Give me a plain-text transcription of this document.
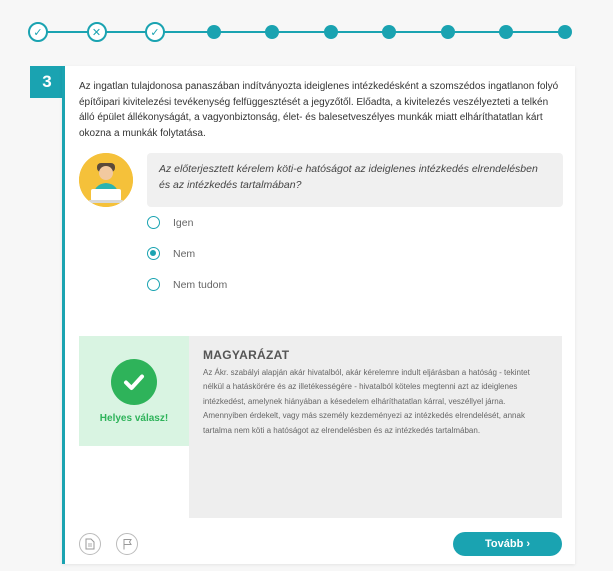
✓	✕	✓
3	Az ingatlan tulajdonosa panaszában indítványozta ideiglenes intézkedésként a szomszédos ingatlanon folyó építőipari kivitelezési tevékenység felfüggesztését a jegyzőtől. Előadta, a kivitelezés veszélyezteti a telkén álló épület állékonyságát, a vagyonbiztonság, élet- és balesetveszélyes munkák miatt elháríthatatlan kárt okozna a munkák folytatása.

Az előterjesztett kérelem köti-e hatóságot az ideiglenes intézkedés elrendelésben és az intézkedés tartalmában?
Igen
Nem
Nem tudom
Helyes válasz!
MAGYARÁZAT
Az Ákr. szabályi alapján akár hivatalból, akár kérelemre indult eljárásban a hatóság - tekintet nélkül a hatáskörére és az illetékességére - hivatalból köteles megtenni azt az ideiglenes intézkedést, amelynek hiányában a késedelem elháríthatatlan kárral, veszéllyel járna. Amennyiben érdekelt, vagy más személy kezdeményezi az intézkedés elrendelését, annak tartalma nem köti a hatóságot az elrendelésben és az intézkedés tartalmában.
Tovább ›
